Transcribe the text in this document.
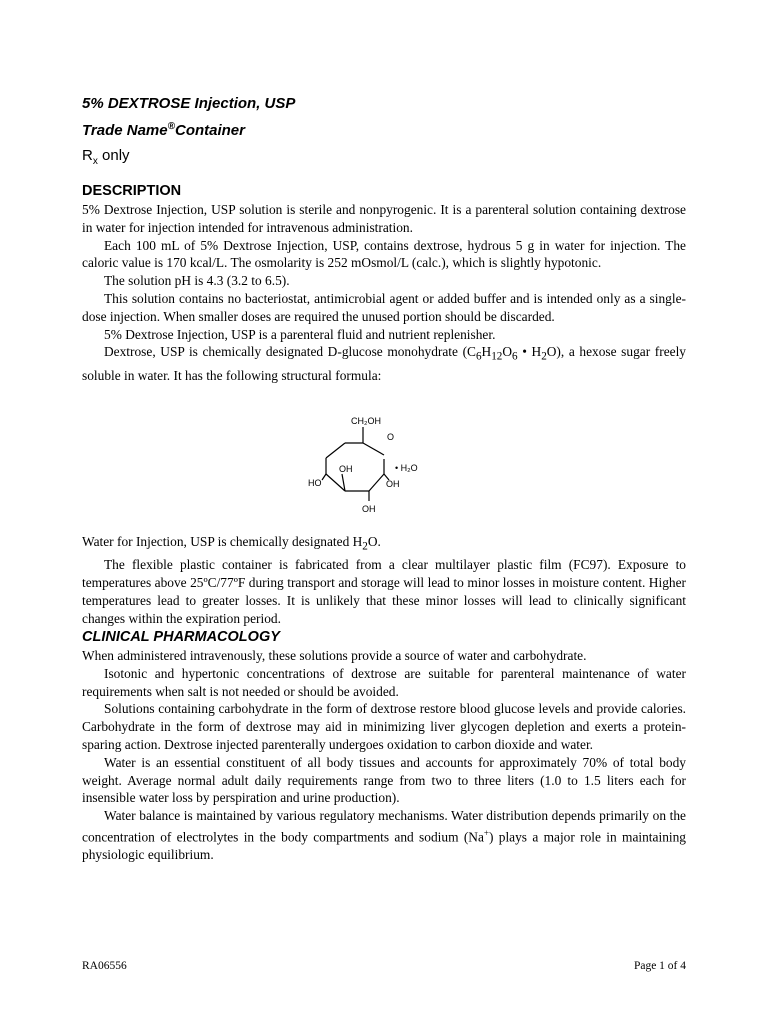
5% DEXTROSE Injection, USP
Trade Name®Container
$R_x$ only
DESCRIPTION

5% Dextrose Injection, USP solution is sterile and nonpyrogenic. It is a parenteral solution containing dextrose in water for injection intended for intravenous administration.

Each 100 mL of 5% Dextrose Injection, USP, contains dextrose, hydrous 5 g in water for injection. The caloric value is 170 kcal/L. The osmolarity is 252 mOsmol/L (calc.), which is slightly hypotonic.

The solution pH is 4.3 (3.2 to 6.5).

This solution contains no bacteriostat, antimicrobial agent or added buffer and is intended only as a single-dose injection. When smaller doses are required the unused portion should be discarded.

5% Dextrose Injection, USP is a parenteral fluid and nutrient replenisher.

Dextrose, USP is chemically designated D-glucose monohydrate ($C_6H_{12}O_6$ • $H_2O$), a hexose sugar freely soluble in water. It has the following structural formula:

CH₂OH
O
OH
HO	OH
OH
• H₂O

Water for Injection, USP is chemically designated $H_2O$.

The flexible plastic container is fabricated from a clear multilayer plastic film (FC97). Exposure to temperatures above 25ºC/77ºF during transport and storage will lead to minor losses in moisture content. Higher temperatures lead to greater losses. It is unlikely that these minor losses will lead to clinically significant changes within the expiration period.

CLINICAL PHARMACOLOGY

When administered intravenously, these solutions provide a source of water and carbohydrate.

Isotonic and hypertonic concentrations of dextrose are suitable for parenteral maintenance of water requirements when salt is not needed or should be avoided.

Solutions containing carbohydrate in the form of dextrose restore blood glucose levels and provide calories. Carbohydrate in the form of dextrose may aid in minimizing liver glycogen depletion and exerts a protein-sparing action. Dextrose injected parenterally undergoes oxidation to carbon dioxide and water.

Water is an essential constituent of all body tissues and accounts for approximately 70% of total body weight. Average normal adult daily requirements range from two to three liters (1.0 to 1.5 liters each for insensible water loss by perspiration and urine production).

Water balance is maintained by various regulatory mechanisms. Water distribution depends primarily on the concentration of electrolytes in the body compartments and sodium (Na+) plays a major role in maintaining physiologic equilibrium.

RA06556	Page 1 of 4
